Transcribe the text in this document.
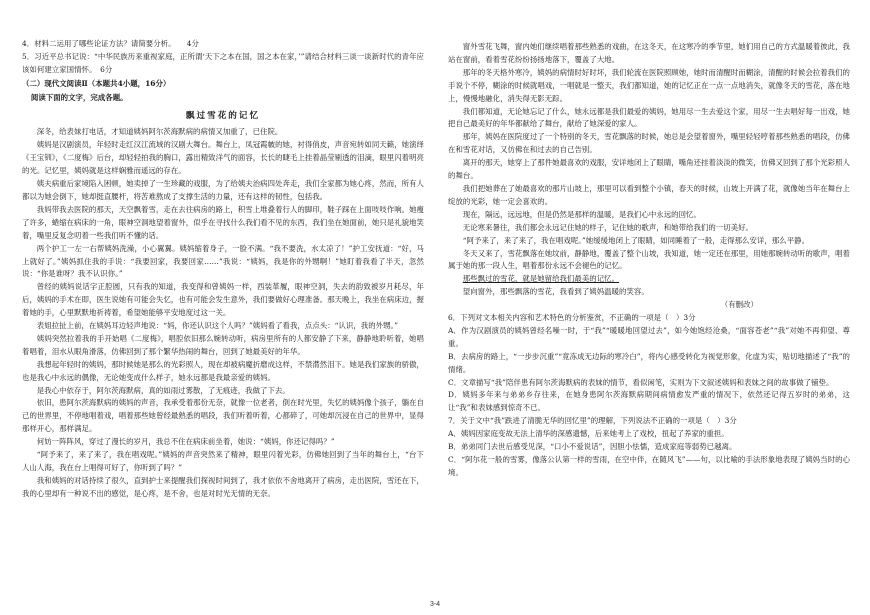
4．材料二运用了哪些论证方法？请简要分析。　　4分

5．习近平总书记说：“中华民族历来重视家庭，正所谓‘天下之本在国，国之本在家，’”请结合材料三谈一谈新时代的青年应该如何建立家国情怀。　6分

（二）现代文阅读Ⅱ（本题共4小题，16分）

阅读下面的文字，完成各题。

飘过雪花的记忆

深冬，给表妹打电话，才知道姨妈阿尔茨海默病的病情又加重了，已住院。

姨妈是汉剧演员，年轻时走红汉江流域的汉剧大舞台。舞台上，凤冠霞帔的她，衬得俏皮，声音宛转如同天籁，她演绎《王宝钏》，《二度梅》后台，却轻轻拍我的胸口，露出精致洋气的面容，长长的睫毛上挂着晶莹剔透的泪滴，眼里闪着明亮的光。记忆里，姨妈就是这样娴雅而遥远的存在。

姨夫病重后家境陷入困顿，她卖掉了一生珍藏的戏服，为了给姨夫治病四处奔走，我们全家都为她心疼，然而，所有人都以为她会倒下，她却挺直腰杆，将苦难熬成了支撑生活的力量，还有这样的韧性，包括我。

我妈带我去医院的那天，天空飘着雪，走在去往病房的路上，积雪上堆叠着行人的脚印，鞋子踩在上面吱吱作响。她瘦了许多，蜷缩在病床的一角，眼神空洞地望着窗外，似乎在寻找什么我们看不见的东西，我们坐在她面前，她只是礼貌地笑着，嘴里反复念叨着一些我们听不懂的话。

两个护工一左一右帮姨妈洗澡，小心翼翼。姨妈缩着身子，一脸不满。“我不要洗，水太凉了！”护工安抚道：“好，马上就好了。”姨妈抓住我的手说：“我要回家，我要回家……”我说：“姨妈，我是你的外甥啊！”她盯着我看了半天，忽然说：“你是谁呀？我不认识你。”

曾经的姨妈说话字正腔圆，只有我的知道，我变得和曾姨妈一样，西装革履，眼神空洞，失去的韵致被岁月耗尽，年后，姨妈的手术在即，医生说她有可能会失忆，也有可能会发生意外，我们要做好心理准备。那天晚上，我坐在病床边，握着她的手，心里默默地祈祷着，希望她能够平安地度过这一关。

表姐拉扯上前，在姨妈耳边轻声地说：“妈，你还认识这个人吗？”姨妈看了看我，点点头：“认识，我的外甥。”

姨妈突然拉着我的手开始唱《二度梅》，唱腔依旧那么婉转动听，病房里所有的人都安静了下来，静静地聆听着，她唱着唱着，泪水从眼角滑落，仿佛回到了那个繁华热闹的舞台，回到了她最美好的年华。

我想起年轻时的姨妈，那时候她是那么的光彩照人，现在却被病魔折磨成这样，不禁潸然泪下。她是我们家族的骄傲，也是我心中永远的偶像，无论她变成什么样子，她永远都是我最亲爱的姨妈。

是我心中依存于，阿尔茨海默病，真的如雨过雾散，了无痕迹，我做了下去。

依旧，患阿尔茨海默病的姨妈的声音，我承受着那份无奈，就像一位老者，倒在时光里，失忆的姨妈像个孩子，躺在自己的世界里，不停地唱着戏，唱着那些她曾经最熟悉的唱段，我们听着听着，心都碎了，可她却沉浸在自己的世界中，显得那样开心，那样满足。

何妨一阵阵风，穿过了漫长的岁月，我总不住在病床前坐着，她说：“姨妈，你还记得吗？”

“阿予来了，来了来了，我在唱戏呢。”姨妈的声音突然来了精神，眼里闪着光彩，仿佛她回到了当年的舞台上，“台下人山人海，我在台上唱得可好了，你听到了吗？”

我和姨妈的对话持续了很久，直到护士来提醒我们探视时间到了，我才依依不舍地离开了病房，走出医院，雪还在下，我的心里却有一种说不出的感觉，是心疼，是不舍，也是对时光无情的无奈。

窗外雪花飞舞，窗内她们继续唱着那些熟悉的戏曲，在这冬天，在这寒冷的季节里，她们用自己的方式温暖着彼此，我站在窗前，看着雪花纷纷扬扬地落下，覆盖了大地。

那年的冬天格外寒冷，姨妈的病情时好时坏，我们轮流在医院照顾她，她时而清醒时而糊涂，清醒的时候会拉着我们的手说个不停，糊涂的时候就唱戏，一唱就是一整天，我们都知道，她的记忆正在一点一点地消失，就像冬天的雪花，落在地上，慢慢地融化，消失得无影无踪。

我们都知道，无论她忘记了什么，她永远都是我们最爱的姨妈，她用尽一生去爱这个家，用尽一生去唱好每一出戏，她把自己最美好的年华都献给了舞台，献给了她深爱的家人。

那年，姨妈在医院度过了一个特别的冬天，雪花飘落的时候，她总是会望着窗外，嘴里轻轻哼着那些熟悉的唱段，仿佛在和雪花对话，又仿佛在和过去的自己告别。

离开的那天，她穿上了那件她最喜欢的戏服，安详地闭上了眼睛，嘴角还挂着淡淡的微笑，仿佛又回到了那个光彩照人的舞台。

我们把她葬在了她最喜欢的那片山坡上，那里可以看到整个小镇，春天的时候，山坡上开满了花，就像她当年在舞台上绽放的光彩，她一定会喜欢的。

现在，隔远，远远地，但是仍然是那样的温暖，是我们心中永远的回忆。

无论寒来暑往，我们都会永远记住她的样子，记住她的歌声，和她带给我们的一切美好。

“阿予来了，来了来了，我在唱戏呢。”她缓缓地闭上了眼睛，如同睡着了一般，走得那么安详，那么平静。

冬天又来了，雪花飘落在她坟前，静静地，覆盖了整个山坡，我知道，她一定还在那里，用她那婉转动听的歌声，唱着属于她的那一段人生，唱着那份永远不会褪色的记忆。

那些飘过的雪花，就是她留给我们最美的记忆。

望向窗外，那些飘落的雪花，我看到了姨妈温暖的笑容。

（有删改）

6．下列对文本相关内容和艺术特色的分析鉴赏，不正确的一项是（　）3分

A．作为汉剧演员的姨妈曾经名噪一时，于“我”“暖暖地回望过去”，如今她饱经沧桑，“面容苍老”“我”对她不再仰望、尊重。

B．去病房的路上，“一步步沉重”“竟冻成无边际的寒冷白”，将内心感受转化为视觉形象，化虚为实，贴切地描述了“我”的情绪。

C．文章描写“我”陪伴患有阿尔茨海默病的表妹的情节，看似闲笔，实则为下文叙述姨妈和表妹之间的故事做了铺垫。

D．姨妈多年来与弟弟乡存往来，在她身患阿尔茨海默病期间病情愈发严重的情况下，依然还记得五岁时的弟弟，这让“我”和表妹感到惊奇不已。

7．关于文中“我”跌进了清脆无华的回忆里”的理解，下列说法不正确的一项是（　）3分

A．姨妈因家庭变故无法上清华的深感遗憾，后来她考上了戏校，扭起了养家的重担。

B．弟弟同门去世后感受见深，“口小不爱说话”，因胆小怯懦，造成家庭等弱势已越离。

C．“阿尔花一般的雪雾，像落公认第一样的雪雨，在空中伴，在随风飞”——句，以比喻的手法形象地表现了姨妈当时的心境。

3-4
